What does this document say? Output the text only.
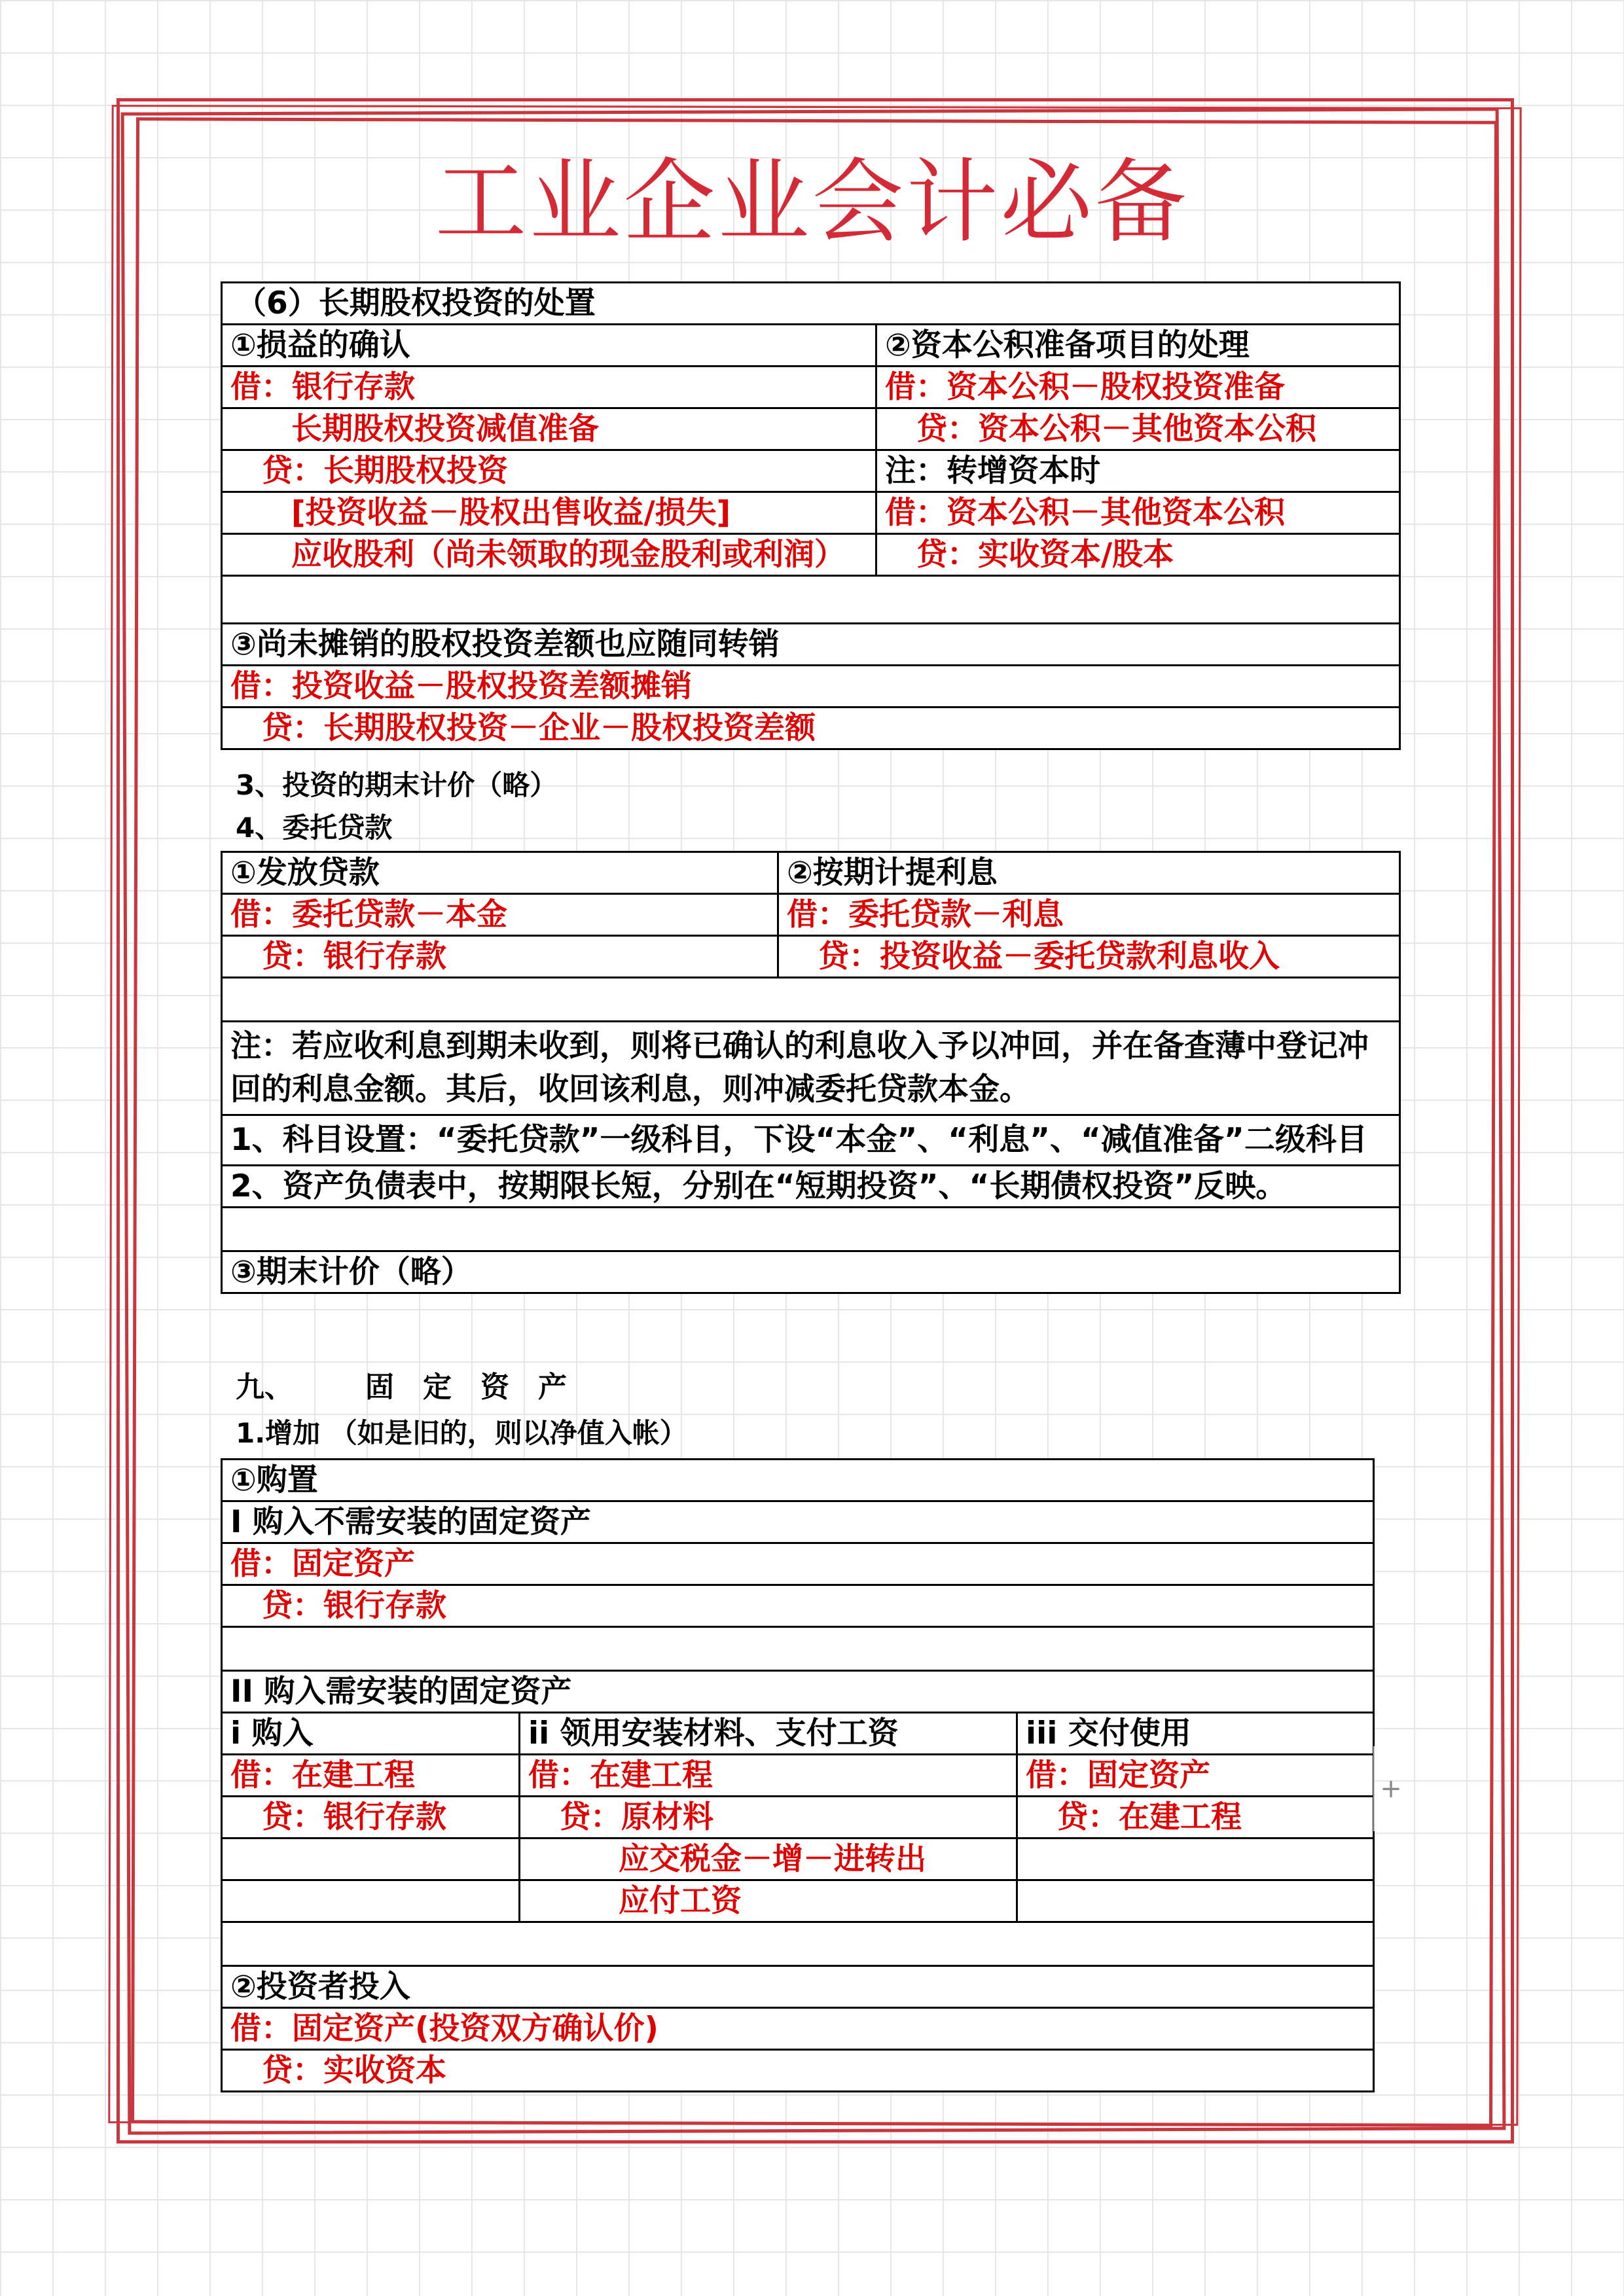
工业企业会计必备
（6）长期股权投资的处置	
①损益的确认	②资本公积准备项目的处理
借：银行存款	借：资本公积－股权投资准备
长期股权投资减值准备	贷：资本公积－其他资本公积
贷：长期股权投资	注：转增资本时
[投资收益－股权出售收益/损失]	借：资本公积－其他资本公积
应收股利（尚未领取的现金股利或利润）	贷：实收资本/股本

③尚未摊销的股权投资差额也应随同转销	
借：投资收益－股权投资差额摊销	
贷：长期股权投资－企业－股权投资差额	
3、投资的期末计价（略）
4、委托贷款
①发放贷款	②按期计提利息
借：委托贷款－本金	借：委托贷款－利息
贷：银行存款	贷：投资收益－委托贷款利息收入

注：若应收利息到期未收到，则将已确认的利息收入予以冲回，并在备查薄中登记冲回的利息金额。其后，收回该利息，则冲减委托贷款本金。	
1、科目设置：“委托贷款”一级科目，下设“本金”、“利息”、“减值准备”二级科目	
2、资产负债表中，按期限长短，分别在“短期投资”、“长期债权投资”反映。	

③期末计价（略）	
九、　　　固　定　资　产
1.增加 （如是旧的，则以净值入帐）
①购置		
I 购入不需安装的固定资产		
借：固定资产		
贷：银行存款		

II 购入需安装的固定资产		
i 购入	ii 领用安装材料、支付工资	iii 交付使用
借：在建工程	借：在建工程	借：固定资产
贷：银行存款	贷：原材料	贷：在建工程
	应交税金－增－进转出	
	应付工资	

②投资者投入		
借：固定资产(投资双方确认价)		
贷：实收资本		
+
